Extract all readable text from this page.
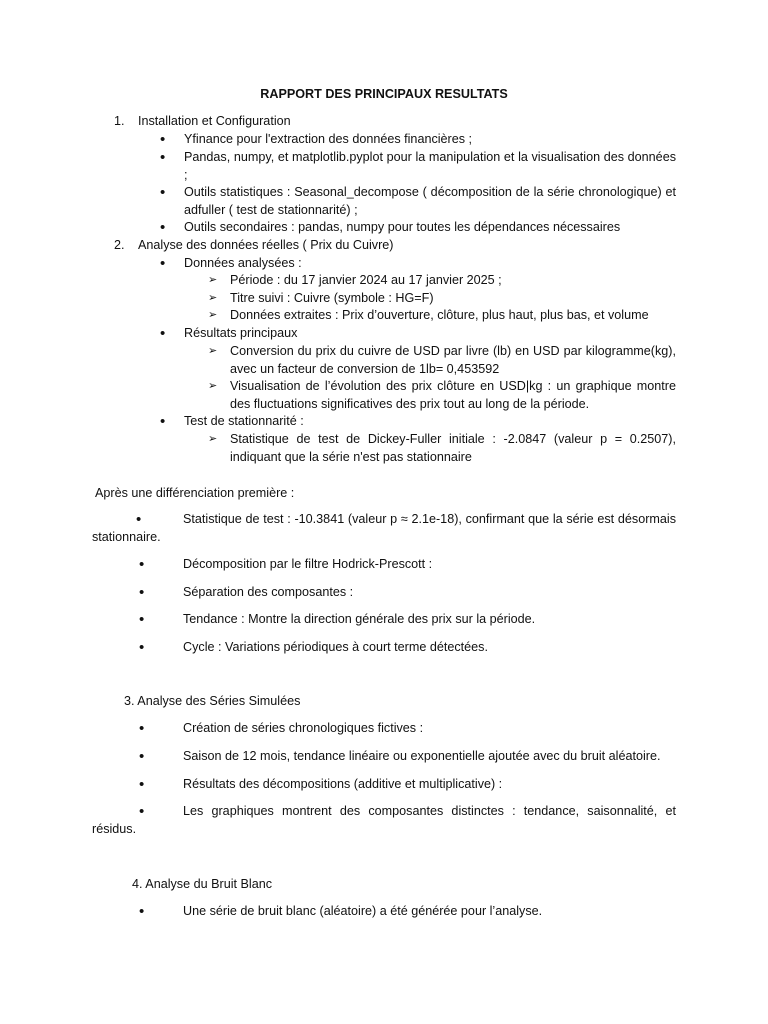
RAPPORT DES PRINCIPAUX RESULTATS
1. Installation et Configuration
• Yfinance pour l'extraction des données financières ;
• Pandas, numpy, et matplotlib.pyplot pour la manipulation et la visualisation des données ;
• Outils statistiques : Seasonal_decompose ( décomposition de la série chronologique) et adfuller ( test de stationnarité) ;
• Outils secondaires : pandas, numpy pour toutes les dépendances nécessaires
2. Analyse des données réelles ( Prix du Cuivre)
• Données analysées :
➢ Période : du 17 janvier 2024 au 17 janvier 2025 ;
➢ Titre suivi : Cuivre (symbole : HG=F)
➢ Données extraites : Prix d’ouverture, clôture, plus haut, plus bas, et volume
• Résultats principaux
➢ Conversion du prix du cuivre de USD par livre (lb) en USD par kilogramme(kg), avec un facteur de conversion de 1lb= 0,453592
➢ Visualisation de l’évolution des prix clôture en USD|kg : un graphique montre des fluctuations significatives des prix tout au long de la période.
• Test de stationnarité :
➢ Statistique de test de Dickey-Fuller initiale : -2.0847 (valeur p = 0.2507), indiquant que la série n'est pas stationnaire
Après une différenciation première :
•	Statistique de test : -10.3841 (valeur p ≈ 2.1e-18), confirmant que la série est désormais stationnaire.
•	Décomposition par le filtre Hodrick-Prescott :
•	Séparation des composantes :
•	Tendance : Montre la direction générale des prix sur la période.
•	Cycle : Variations périodiques à court terme détectées.
3. Analyse des Séries Simulées
•	Création de séries chronologiques fictives :
•	Saison de 12 mois, tendance linéaire ou exponentielle ajoutée avec du bruit aléatoire.
•	Résultats des décompositions (additive et multiplicative) :
•	Les graphiques montrent des composantes distinctes : tendance, saisonnalité, et résidus.
4. Analyse du Bruit Blanc
•	Une série de bruit blanc (aléatoire) a été générée pour l’analyse.
